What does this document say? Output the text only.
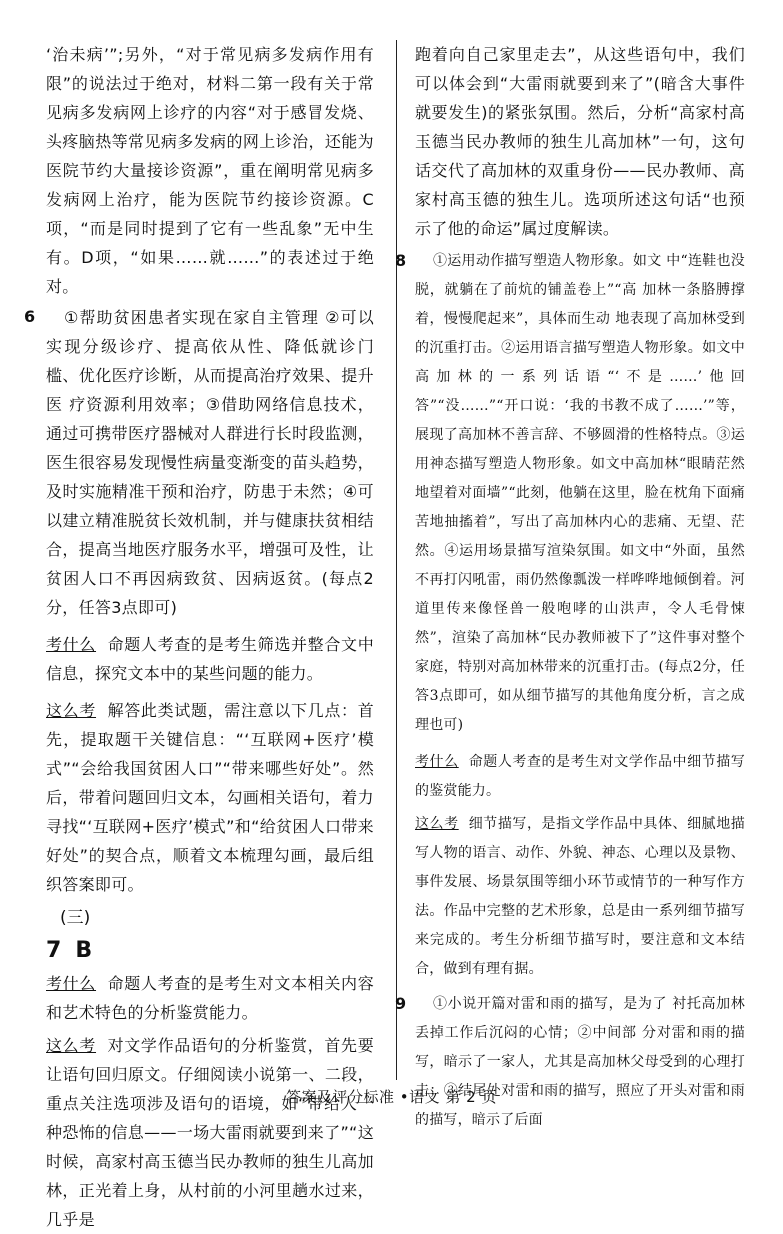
‘治未病’”;另外，“对于常见病多发病作用有限”的说法过于绝对，材料二第一段有关于常见病多发病网上诊疗的内容“对于感冒发烧、头疼脑热等常见病多发病的网上诊治，还能为医院节约大量接诊资源”，重在阐明常见病多发病网上治疗，能为医院节约接诊资源。C项，“而是同时提到了它有一些乱象”无中生有。D项，“如果……就……”的表述过于绝对。

6	①帮助贫困患者实现在家自主管理 ②可以实现分级诊疗、提高依从性、降低就诊门 槛、优化医疗诊断，从而提高治疗效果、提升医 疗资源利用效率；③借助网络信息技术，通过可携带医疗器械对人群进行长时段监测，医生很容易发现慢性病量变渐变的苗头趋势，及时实施精准干预和治疗，防患于未然；④可以建立精准脱贫长效机制，并与健康扶贫相结合，提高当地医疗服务水平，增强可及性，让贫困人口不再因病致贫、因病返贫。(每点2分，任答3点即可)

考什么 命题人考查的是考生筛选并整合文中信息，探究文本中的某些问题的能力。

这么考 解答此类试题，需注意以下几点：首先，提取题干关键信息：“‘互联网+医疗’模式”“会给我国贫困人口”“带来哪些好处”。然后，带着问题回归文本，勾画相关语句，着力寻找“‘互联网+医疗’模式”和“给贫困人口带来好处”的契合点，顺着文本梳理勾画，最后组织答案即可。

(三)

7 B

考什么 命题人考查的是考生对文本相关内容和艺术特色的分析鉴赏能力。

这么考 对文学作品语句的分析鉴赏，首先要让语句回归原文。仔细阅读小说第一、二段，重点关注选项涉及语句的语境，如“带给人一种恐怖的信息——一场大雷雨就要到来了”“这时候，高家村高玉德当民办教师的独生儿高加林，正光着上身，从村前的小河里趟水过来，几乎是

跑着向自己家里走去”，从这些语句中，我们可以体会到“大雷雨就要到来了”(暗含大事件就要发生)的紧张氛围。然后，分析“高家村高玉德当民办教师的独生儿高加林”一句，这句话交代了高加林的双重身份——民办教师、高家村高玉德的独生儿。选项所述这句话“也预示了他的命运”属过度解读。

8	①运用动作描写塑造人物形象。如文 中“连鞋也没脱，就躺在了前炕的铺盖卷上”“高 加林一条胳膊撑着，慢慢爬起来”，具体而生动 地表现了高加林受到的沉重打击。②运用语言描写塑造人物形象。如文中高加林的一系列话语“‘不是……’他回答”“没……”“开口说：‘我的书教不成了……’”等，展现了高加林不善言辞、不够圆滑的性格特点。③运用神态描写塑造人物形象。如文中高加林“眼睛茫然地望着对面墙”“此刻，他躺在这里，脸在枕角下面痛苦地抽搐着”，写出了高加林内心的悲痛、无望、茫然。④运用场景描写渲染氛围。如文中“外面，虽然不再打闪吼雷，雨仍然像瓢泼一样哗哗地倾倒着。河道里传来像怪兽一般咆哮的山洪声，令人毛骨悚然”，渲染了高加林“民办教师被下了”这件事对整个家庭，特别对高加林带来的沉重打击。(每点2分，任答3点即可，如从细节描写的其他角度分析，言之成理也可)

考什么 命题人考查的是考生对文学作品中细节描写的鉴赏能力。

这么考 细节描写，是指文学作品中具体、细腻地描写人物的语言、动作、外貌、神态、心理以及景物、事件发展、场景氛围等细小环节或情节的一种写作方法。作品中完整的艺术形象，总是由一系列细节描写来完成的。考生分析细节描写时，要注意和文本结合，做到有理有据。

9	①小说开篇对雷和雨的描写，是为了 衬托高加林丢掉工作后沉闷的心情；②中间部 分对雷和雨的描写，暗示了一家人，尤其是高加林父母受到的心理打击；③结尾处对雷和雨的描写，照应了开头对雷和雨的描写，暗示了后面

答案及评分标准 •语文 第 2 页
